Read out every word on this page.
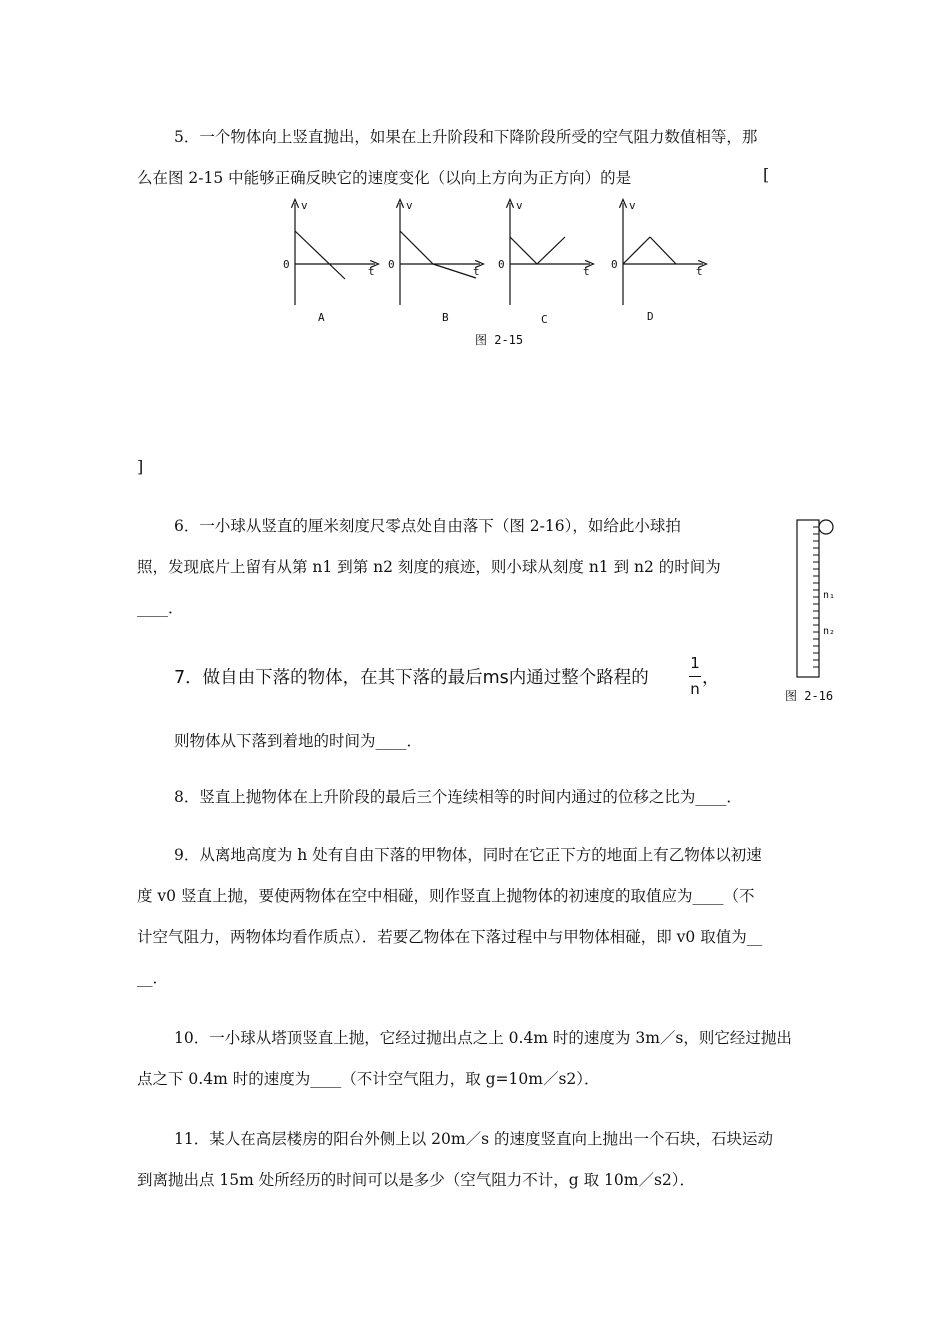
5．一个物体向上竖直抛出，如果在上升阶段和下降阶段所受的空气阻力数值相等，那
么在图 2-15 中能够正确反映它的速度变化（以向上方向为正方向）的是	[
v
0
t
A
v
0
t
B
v
0
t
C
v
0
t
D
图 2-15
]
6．一小球从竖直的厘米刻度尺零点处自由落下（图 2-16），如给此小球拍
照，发现底片上留有从第 n1 到第 n2 刻度的痕迹，则小球从刻度 n1 到 n2 的时间为
____．
n₁
n₂
图 2-16
7．做自由下落的物体，在其下落的最后ms内通过整个路程的
1
n
，
则物体从下落到着地的时间为____．
8．竖直上抛物体在上升阶段的最后三个连续相等的时间内通过的位移之比为____．
9．从离地高度为 h 处有自由下落的甲物体，同时在它正下方的地面上有乙物体以初速
度 v0 竖直上抛，要使两物体在空中相碰，则作竖直上抛物体的初速度的取值应为____（不
计空气阻力，两物体均看作质点）．若要乙物体在下落过程中与甲物体相碰，即 v0 取值为__
__．
10．一小球从塔顶竖直上抛，它经过抛出点之上 0.4m 时的速度为 3m／s，则它经过抛出
点之下 0.4m 时的速度为____（不计空气阻力，取 g=10m／s2）．
11．某人在高层楼房的阳台外侧上以 20m／s 的速度竖直向上抛出一个石块，石块运动
到离抛出点 15m 处所经历的时间可以是多少（空气阻力不计，g 取 10m／s2）．
